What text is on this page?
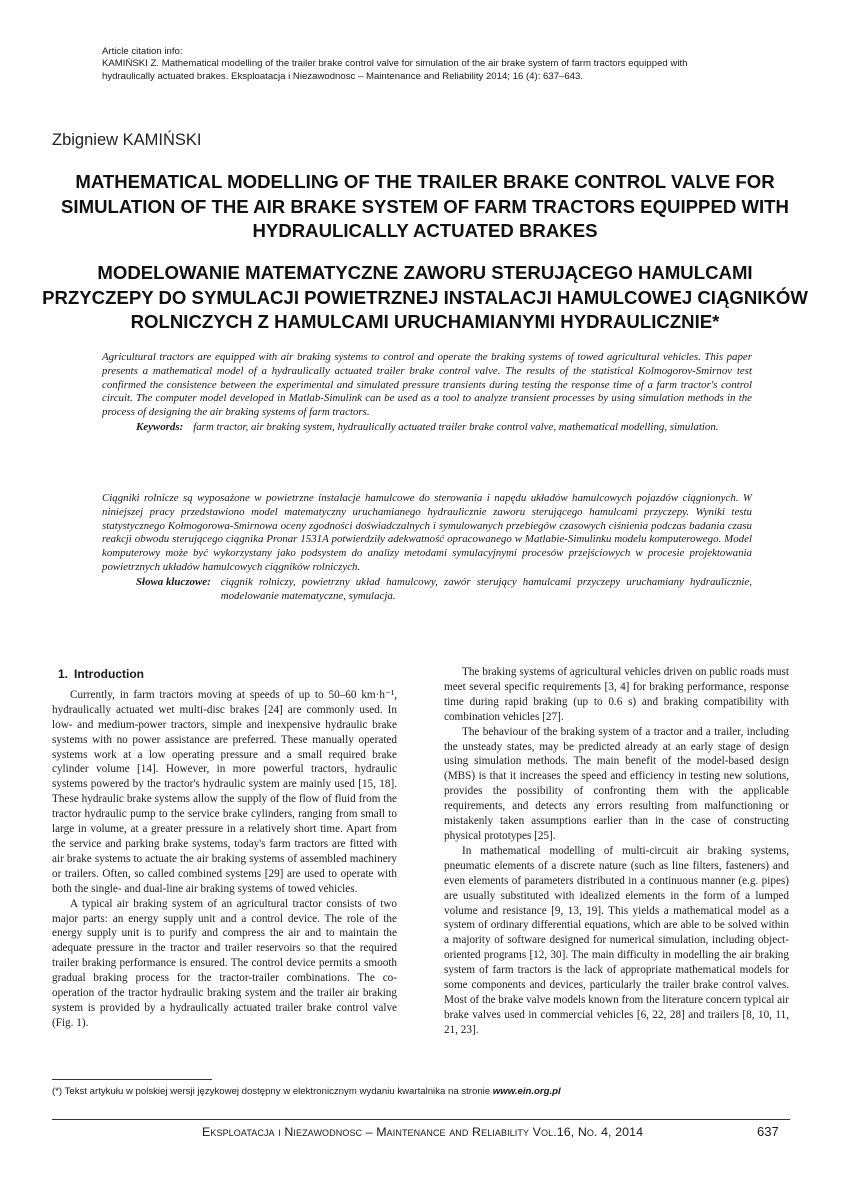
Article citation info:
KAMIŃSKI Z. Mathematical modelling of the trailer brake control valve for simulation of the air brake system of farm tractors equipped with
hydraulically actuated brakes. Eksploatacja i Niezawodnosc – Maintenance and Reliability 2014; 16 (4): 637–643.
Zbigniew KAMIŃSKI
MATHEMATICAL MODELLING OF THE TRAILER BRAKE CONTROL VALVE FOR SIMULATION OF THE AIR BRAKE SYSTEM OF FARM TRACTORS EQUIPPED WITH HYDRAULICALLY ACTUATED BRAKES
MODELOWANIE MATEMATYCZNE ZAWORU STERUJĄCEGO HAMULCAMI PRZYCZEPY DO SYMULACJI POWIETRZNEJ INSTALACJI HAMULCOWEJ CIĄGNIKÓW ROLNICZYCH Z HAMULCAMI URUCHAMIANYMI HYDRAULICZNIE*
Agricultural tractors are equipped with air braking systems to control and operate the braking systems of towed agricultural vehicles. This paper presents a mathematical model of a hydraulically actuated trailer brake control valve. The results of the statistical Kolmogorov-Smirnov test confirmed the consistence between the experimental and simulated pressure transients during testing the response time of a farm tractor's control circuit. The computer model developed in Matlab-Simulink can be used as a tool to analyze transient processes by using simulation methods in the process of designing the air braking systems of farm tractors.
Keywords: farm tractor, air braking system, hydraulically actuated trailer brake control valve, mathematical modelling, simulation.
Ciągniki rolnicze są wyposażone w powietrzne instalacje hamulcowe do sterowania i napędu układów hamulcowych pojazdów ciągnionych. W niniejszej pracy przedstawiono model matematyczny uruchamianego hydraulicznie zaworu sterującego hamulcami przyczepy. Wyniki testu statystycznego Kołmogorowa-Smirnowa oceny zgodności doświadczalnych i symulowanych przebiegów czasowych ciśnienia podczas badania czasu reakcji obwodu sterującego ciągnika Pronar 1531A potwierdziły adekwatność opracowanego w Matlabie-Simulinku modelu komputerowego. Model komputerowy może być wykorzystany jako podsystem do analizy metodami symulacyjnymi procesów przejściowych w procesie projektowania powietrznych układów hamulcowych ciągników rolniczych.
Słowa kluczowe: ciągnik rolniczy, powietrzny układ hamulcowy, zawór sterujący hamulcami przyczepy uruchamiany hydraulicznie, modelowanie matematyczne, symulacja.

1. Introduction

Currently, in farm tractors moving at speeds of up to 50–60 km·h⁻¹, hydraulically actuated wet multi-disc brakes [24] are commonly used. In low- and medium-power tractors, simple and inexpensive hydraulic brake systems with no power assistance are preferred. These manually operated systems work at a low operating pressure and a small required brake cylinder volume [14]. However, in more powerful tractors, hydraulic systems powered by the tractor's hydraulic system are mainly used [15, 18]. These hydraulic brake systems allow the supply of the flow of fluid from the tractor hydraulic pump to the service brake cylinders, ranging from small to large in volume, at a greater pressure in a relatively short time. Apart from the service and parking brake systems, today's farm tractors are fitted with air brake systems to actuate the air braking systems of assembled machinery or trailers. Often, so called combined systems [29] are used to operate with both the single- and dual-line air braking systems of towed vehicles.

A typical air braking system of an agricultural tractor consists of two major parts: an energy supply unit and a control device. The role of the energy supply unit is to purify and compress the air and to maintain the adequate pressure in the tractor and trailer reservoirs so that the required trailer braking performance is ensured. The control device permits a smooth gradual braking process for the tractor-trailer combinations. The co-operation of the tractor hydraulic braking system and the trailer air braking system is provided by a hydraulically actuated trailer brake control valve (Fig. 1).

The braking systems of agricultural vehicles driven on public roads must meet several specific requirements [3, 4] for braking performance, response time during rapid braking (up to 0.6 s) and braking compatibility with combination vehicles [27].

The behaviour of the braking system of a tractor and a trailer, including the unsteady states, may be predicted already at an early stage of design using simulation methods. The main benefit of the model-based design (MBS) is that it increases the speed and efficiency in testing new solutions, provides the possibility of confronting them with the applicable requirements, and detects any errors resulting from malfunctioning or mistakenly taken assumptions earlier than in the case of constructing physical prototypes [25].

In mathematical modelling of multi-circuit air braking systems, pneumatic elements of a discrete nature (such as line filters, fasteners) and even elements of parameters distributed in a continuous manner (e.g. pipes) are usually substituted with idealized elements in the form of a lumped volume and resistance [9, 13, 19]. This yields a mathematical model as a system of ordinary differential equations, which are able to be solved within a majority of software designed for numerical simulation, including object-oriented programs [12, 30]. The main difficulty in modelling the air braking system of farm tractors is the lack of appropriate mathematical models for some components and devices, particularly the trailer brake control valves. Most of the brake valve models known from the literature concern typical air brake valves used in commercial vehicles [6, 22, 28] and trailers [8, 10, 11, 21, 23].

(*) Tekst artykułu w polskiej wersji językowej dostępny w elektronicznym wydaniu kwartalnika na stronie www.ein.org.pl
Eksploatacja i Niezawodnosc – Maintenance and Reliability Vol.16, No. 4, 2014	637
